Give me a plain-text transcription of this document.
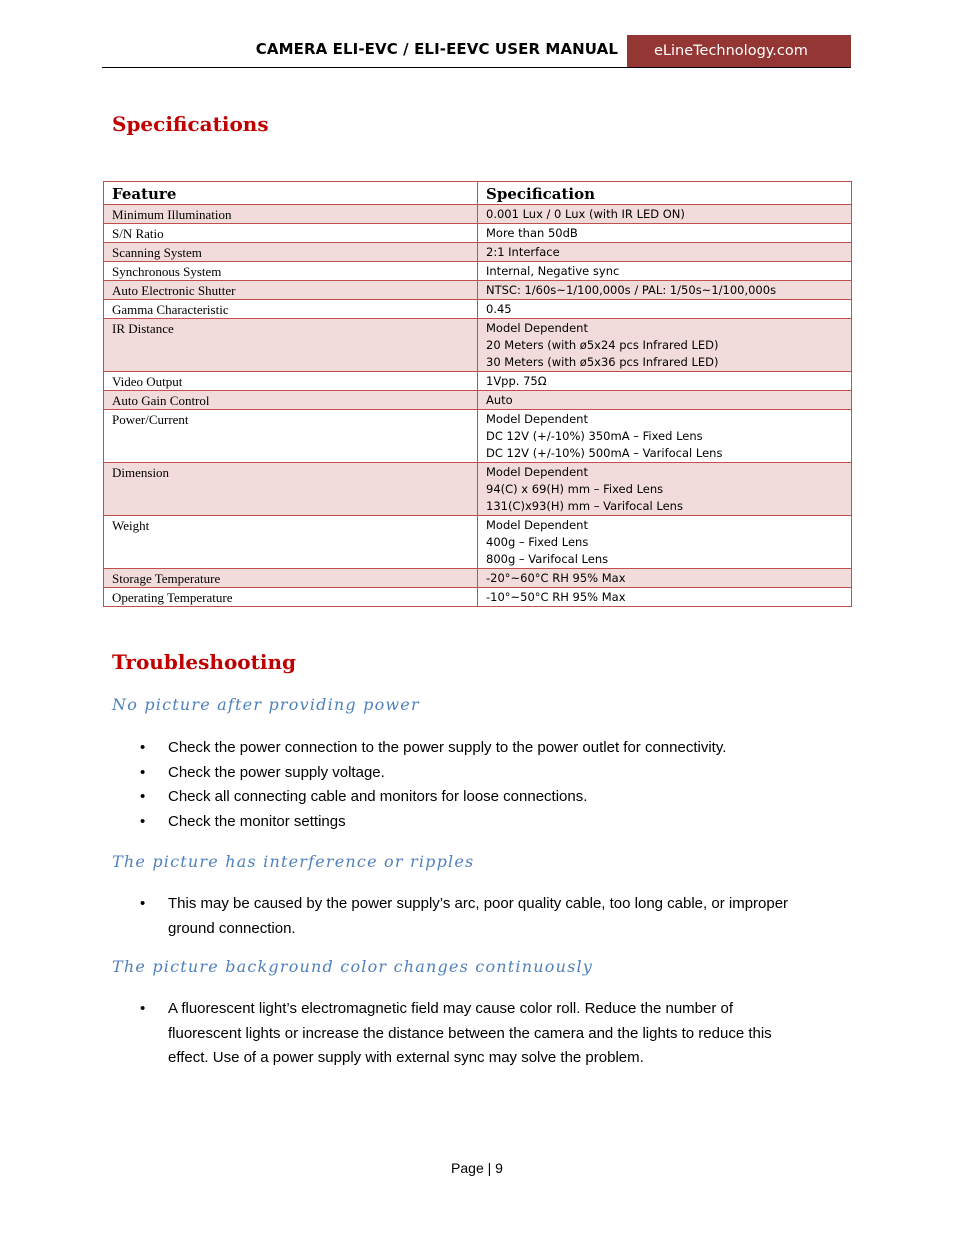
CAMERA ELI-EVC / ELI-EEVC USER MANUAL	eLineTechnology.com
Specifications
Feature	Specification
Minimum Illumination	0.001 Lux / 0 Lux (with IR LED ON)

S/N Ratio	More than 50dB

Scanning System	2:1 Interface

Synchronous System	Internal, Negative sync

Auto Electronic Shutter	NTSC: 1/60s~1/100,000s / PAL: 1/50s~1/100,000s

Gamma Characteristic	0.45

IR Distance	Model Dependent
20 Meters (with ø5x24 pcs Infrared LED)
30 Meters (with ø5x36 pcs Infrared LED)

Video Output	1Vpp. 75Ω

Auto Gain Control	Auto

Power/Current	Model Dependent
DC 12V (+/-10%) 350mA – Fixed Lens
DC 12V (+/-10%) 500mA – Varifocal Lens

Dimension	Model Dependent
94(C) x 69(H) mm – Fixed Lens
131(C)x93(H) mm – Varifocal Lens

Weight	Model Dependent
400g – Fixed Lens
800g – Varifocal Lens

Storage Temperature	-20°~60°C RH 95% Max

Operating Temperature	-10°~50°C RH 95% Max
Troubleshooting
No picture after providing power
• Check the power connection to the power supply to the power outlet for connectivity.
• Check the power supply voltage.
• Check all connecting cable and monitors for loose connections.
• Check the monitor settings
The picture has interference or ripples
• This may be caused by the power supply’s arc, poor quality cable, too long cable, or improper
ground connection.
The picture background color changes continuously
• A fluorescent light’s electromagnetic field may cause color roll. Reduce the number of
fluorescent lights or increase the distance between the camera and the lights to reduce this
effect. Use of a power supply with external sync may solve the problem.
Page | 9
